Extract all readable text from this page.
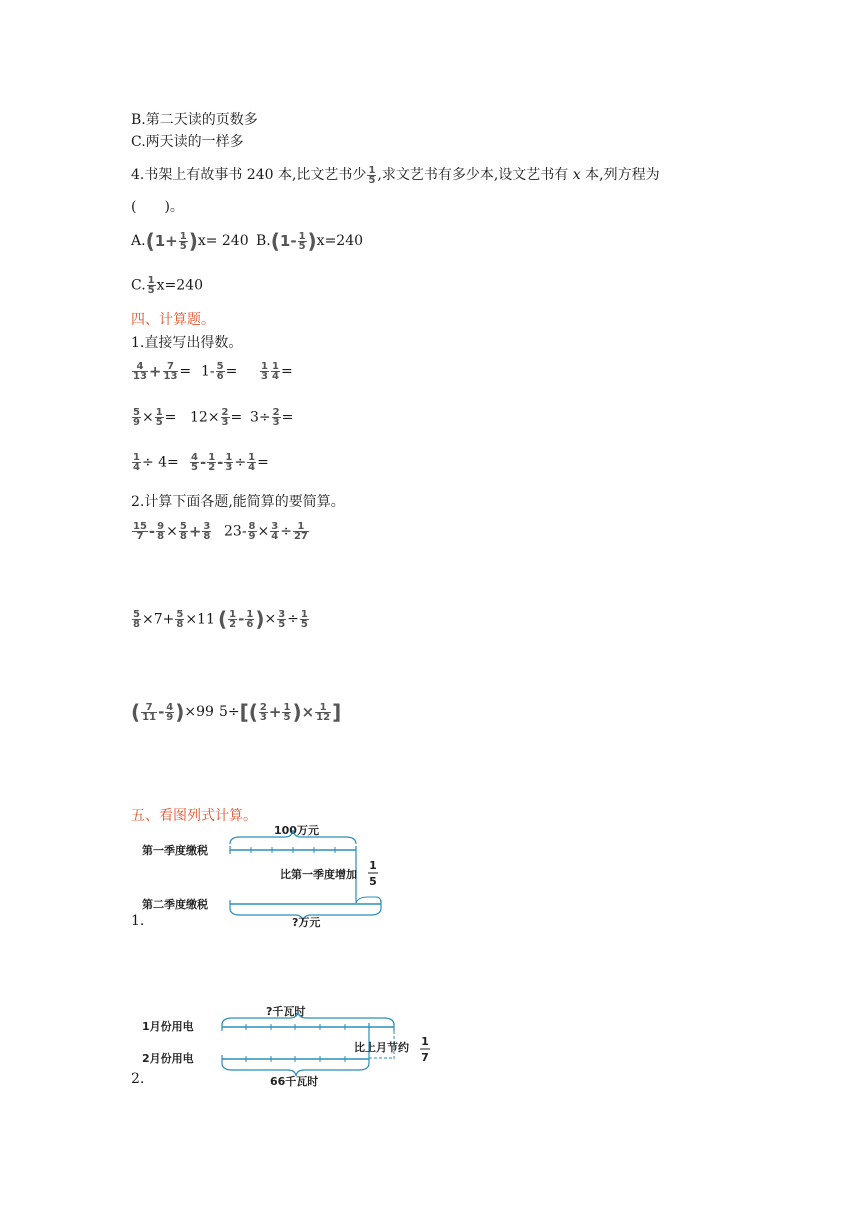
B.第二天读的页数多
C.两天读的一样多
4.书架上有故事书 240 本,比文艺书少 $\frac{1}{5}$ ,求文艺书有多少本,设文艺书有 x 本,列方程为
(　　)。
$A.(1+ \frac{1}{5} )x= 240$ $B.(1- \frac{1}{5} )x=240$
C. $\frac{1}{5} x=240$
四、计算题。
1.直接写出得数。
$\frac{4}{13} + \frac{7}{13} = 1- \frac{5}{6} = \frac{1}{3} \frac{1}{4}$ =
$\frac{5}{9} \times \frac{1}{5} = 12\times \frac{2}{3} = 3\div \frac{2}{3}$ =
$\frac{1}{4} \div 4= \frac{4}{5} - \frac{1}{2} - \frac{1}{3} \div \frac{1}{4}$ =
2.计算下面各题,能简算的要简算。
$\frac{15}{7} - \frac{9}{8} \times \frac{5}{8} + \frac{3}{8} 23- \frac{8}{9} \times \frac{3}{4} \div \frac{1}{27}$
$\frac{5}{8} \times 7+ \frac{5}{8} \times 11$ ( $\frac{1}{2} - \frac{1}{6}$ )× $\frac{3}{5} \div \frac{1}{5}$
( $\frac{7}{11} - \frac{4}{9} )\times 99$ $5\div[( \frac{2}{3} + \frac{1}{5}$ )× $\frac{1}{12}$ ]
五、看图列式计算。
1.
第一季度缴税
100万元
比第一季度增加
1
5
第二季度缴税
?万元
2.
?千瓦时
1月份用电
比上月节约 1
7
2月份用电
66千瓦时
